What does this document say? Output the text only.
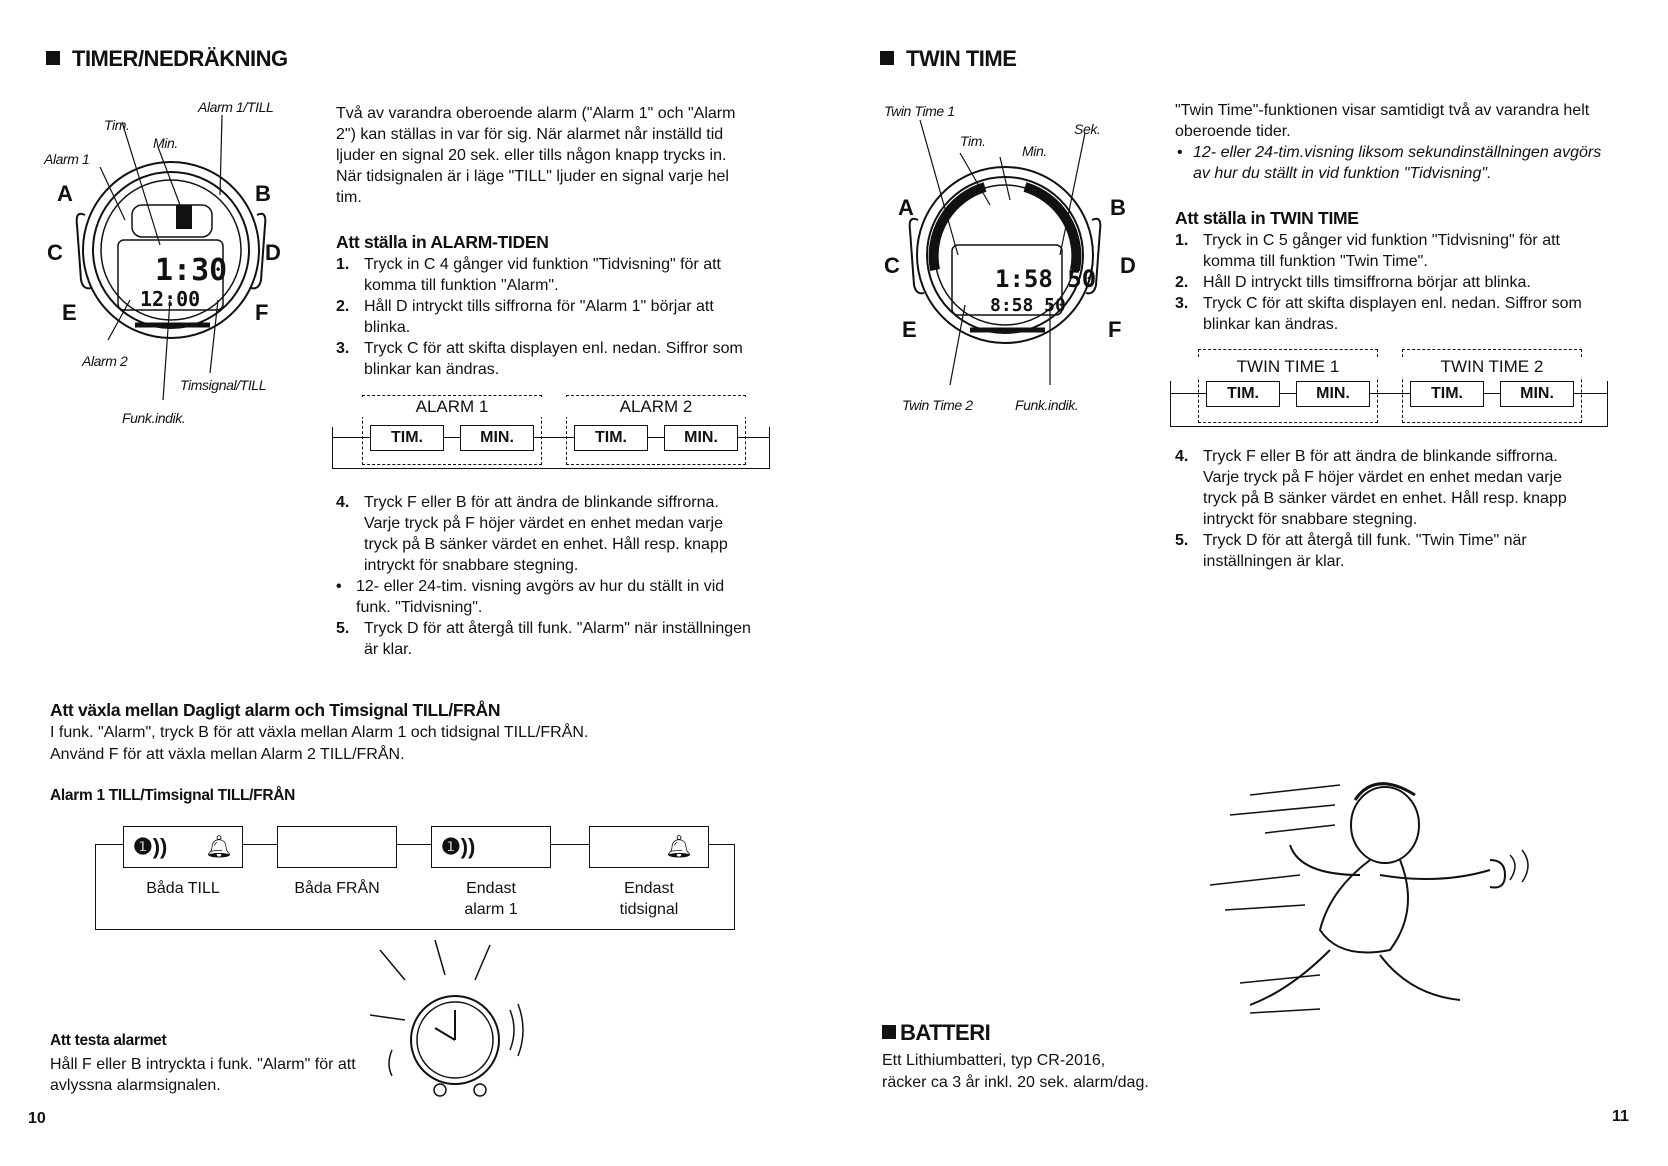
TIMER/NEDRÄKNING
Alarm 1/TILL
Tim.
Min.
Alarm 1
Alarm 2
Timsignal/TILL
Funk.indik.
1:30
12:00
A	B
C	D
E	F
Två av varandra oberoende alarm ("Alarm 1" och "Alarm 2") kan ställas in var för sig. När alarmet når inställd tid ljuder en signal 20 sek. eller tills någon knapp trycks in. När tidsignalen är i läge "TILL" ljuder en signal varje hel tim.
Att ställa in ALARM-TIDEN
1. Tryck in C 4 gånger vid funktion "Tidvisning" för att komma till funktion "Alarm".
2. Håll D intryckt tills siffrorna för "Alarm 1" börjar att blinka.
3. Tryck C för att skifta displayen enl. nedan. Siffror som blinkar kan ändras.
ALARM 1	ALARM 2
TIM.	MIN.	TIM.	MIN.
4. Tryck F eller B för att ändra de blinkande siffrorna. Varje tryck på F höjer värdet en enhet medan varje tryck på B sänker värdet en enhet. Håll resp. knapp intryckt för snabbare stegning.
• 12- eller 24-tim. visning avgörs av hur du ställt in vid funk. "Tidvisning".
5. Tryck D för att återgå till funk. "Alarm" när inställningen är klar.
Att växla mellan Dagligt alarm och Timsignal TILL/FRÅN
I funk. "Alarm", tryck B för att växla mellan Alarm 1 och tidsignal TILL/FRÅN.
Använd F för att växla mellan Alarm 2 TILL/FRÅN.
Alarm 1 TILL/Timsignal TILL/FRÅN
❶)) 🔔︎	❶))	🔔︎
Båda TILL	Båda FRÅN	Endast
alarm 1
Endast
tidsignal
Att testa alarmet
Håll F eller B intryckta i funk. "Alarm" för att avlyssna alarmsignalen.
10
TWIN TIME
Twin Time 1
Sek.
Tim.
Min.
Twin Time 2	Funk.indik.
1:58 50
8:58 50
A	B
C	D
E	F
"Twin Time"-funktionen visar samtidigt två av varandra helt oberoende tider.
• 12- eller 24-tim.visning liksom sekundinställningen avgörs av hur du ställt in vid funktion "Tidvisning".
Att ställa in TWIN TIME
1. Tryck in C 5 gånger vid funktion "Tidvisning" för att komma till funktion "Twin Time".
2. Håll D intryckt tills timsiffrorna börjar att blinka.
3. Tryck C för att skifta displayen enl. nedan. Siffror som blinkar kan ändras.
TWIN TIME 1	TWIN TIME 2
TIM.	MIN.	TIM.	MIN.
4. Tryck F eller B för att ändra de blinkande siffrorna. Varje tryck på F höjer värdet en enhet medan varje tryck på B sänker värdet en enhet. Håll resp. knapp intryckt för snabbare stegning.
5. Tryck D för att återgå till funk. "Twin Time" när inställningen är klar.
BATTERI
Ett Lithiumbatteri, typ CR-2016,
räcker ca 3 år inkl. 20 sek. alarm/dag.
11
